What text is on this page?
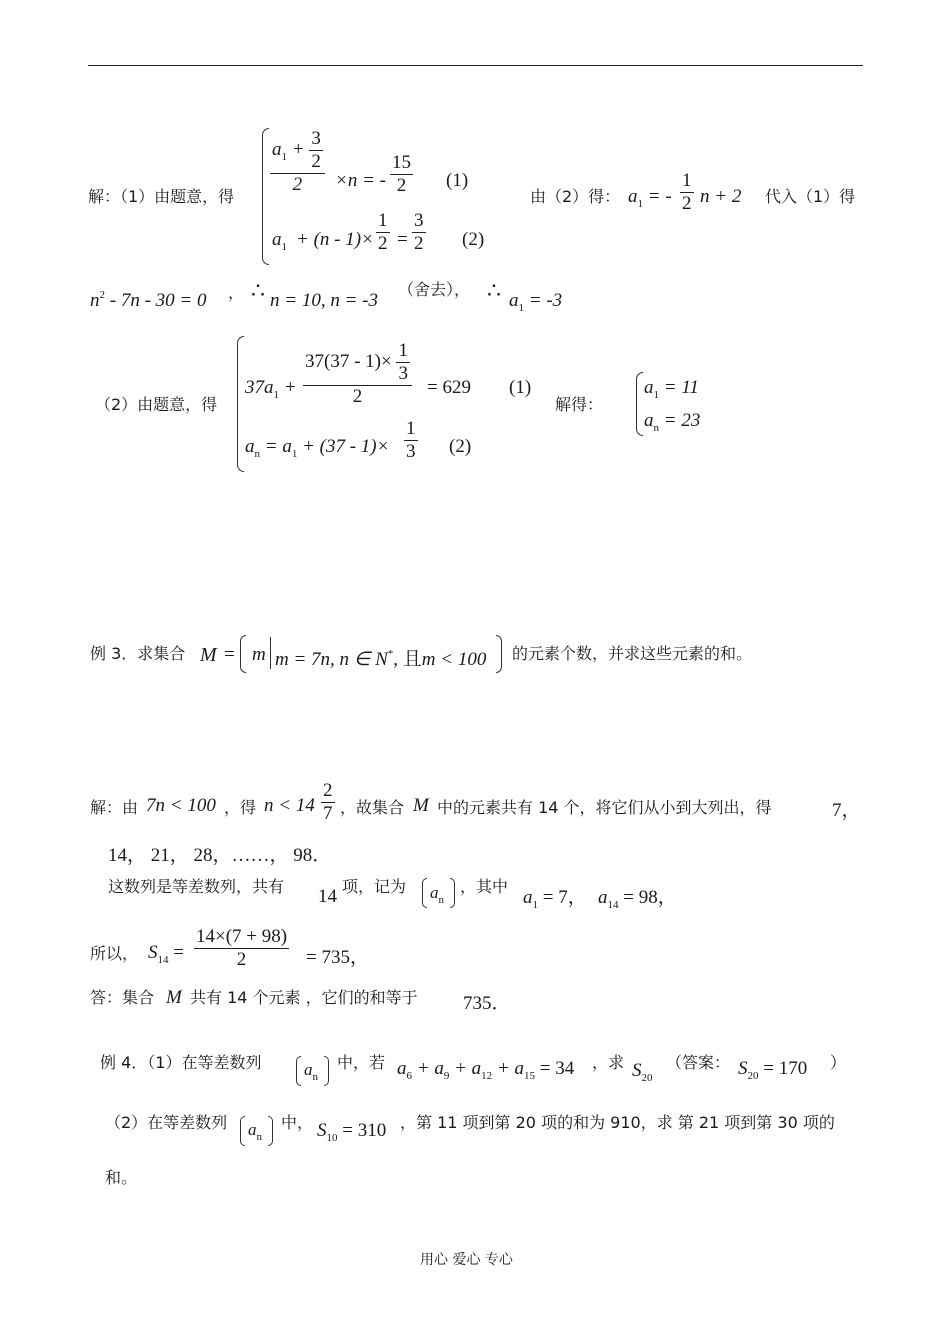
解：（1）由题意，得
$\frac{a_1 + \frac{3}{2}}{2} \times n$ = - $\frac{15}{2} (1)$
$a_1 + (n - 1)\times \frac{1}{2} = \frac{3}{2} (2)$
由（2）得： $a_1$ = - $\frac{1}{2}$ n + 2 代入（1）得
$n^2 - 7n - 30 = 0$ ， ∴ n = 10, n = -3
（舍去）， ∴ $a_1 = -3$
（2）由题意，得
$37a_1 + \frac{37(37 - 1)\times \frac{1}{3}}{2} = 629$ (1)
$a_n = a_1 + (37 - 1)\times \frac{1}{3} (2)$
解得：
$a_1 = 11$
$a_n = 23$
例 3．求集合 M = m m = 7n, n ∈ N*, 且m < 100 的元素个数，并求这些元素的和。
解：由 7n < 100 ，得 $n < 14 \frac{2}{7}$ ，故集合 M 中的元素共有 14 个，将它们从小到大列出，得	7，
14， 21， 28，……， 98．
这数列是等差数列，共有 14 项，记为 $a_n$
，其中
$a_1 = 7$， $a_{14} = 98$，
所以， $S_{14} = \frac{14\times(7 + 98)}{2} = 735$，
答：集合 M 共有 14 个元素 ，它们的和等于 735．
例 4．（1）在等差数列	$a_n$
中，若 $a_6 + a_9 + a_{12} + a_{15} = 34$ ，求 $S_{20}$
（答案： $S_{20} = 170$ ）
（2）在等差数列 $a_n$
中， $S_{10} = 310$ ，第 11 项到第 20 项的和为 910，求 第 21 项到第 30 项的
和。
用心 爱心 专心
